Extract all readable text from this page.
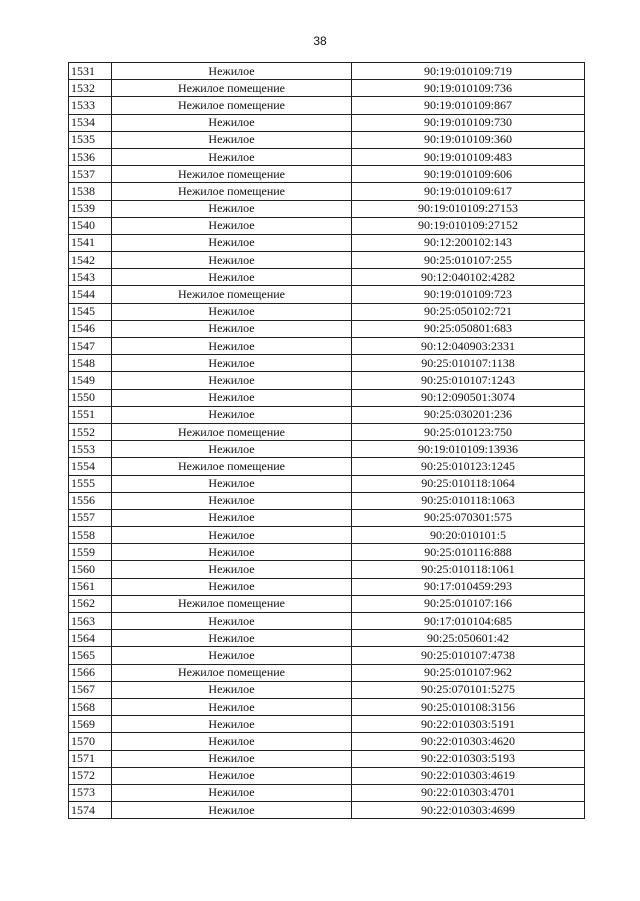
38
1531	Нежилое	90:19:010109:719
1532	Нежилое помещение	90:19:010109:736
1533	Нежилое помещение	90:19:010109:867
1534	Нежилое	90:19:010109:730
1535	Нежилое	90:19:010109:360
1536	Нежилое	90:19:010109:483
1537	Нежилое помещение	90:19:010109:606
1538	Нежилое помещение	90:19:010109:617
1539	Нежилое	90:19:010109:27153
1540	Нежилое	90:19:010109:27152
1541	Нежилое	90:12:200102:143
1542	Нежилое	90:25:010107:255
1543	Нежилое	90:12:040102:4282
1544	Нежилое помещение	90:19:010109:723
1545	Нежилое	90:25:050102:721
1546	Нежилое	90:25:050801:683
1547	Нежилое	90:12:040903:2331
1548	Нежилое	90:25:010107:1138
1549	Нежилое	90:25:010107:1243
1550	Нежилое	90:12:090501:3074
1551	Нежилое	90:25:030201:236
1552	Нежилое помещение	90:25:010123:750
1553	Нежилое	90:19:010109:13936
1554	Нежилое помещение	90:25:010123:1245
1555	Нежилое	90:25:010118:1064
1556	Нежилое	90:25:010118:1063
1557	Нежилое	90:25:070301:575
1558	Нежилое	90:20:010101:5
1559	Нежилое	90:25:010116:888
1560	Нежилое	90:25:010118:1061
1561	Нежилое	90:17:010459:293
1562	Нежилое помещение	90:25:010107:166
1563	Нежилое	90:17:010104:685
1564	Нежилое	90:25:050601:42
1565	Нежилое	90:25:010107:4738
1566	Нежилое помещение	90:25:010107:962
1567	Нежилое	90:25:070101:5275
1568	Нежилое	90:25:010108:3156
1569	Нежилое	90:22:010303:5191
1570	Нежилое	90:22:010303:4620
1571	Нежилое	90:22:010303:5193
1572	Нежилое	90:22:010303:4619
1573	Нежилое	90:22:010303:4701
1574	Нежилое	90:22:010303:4699
